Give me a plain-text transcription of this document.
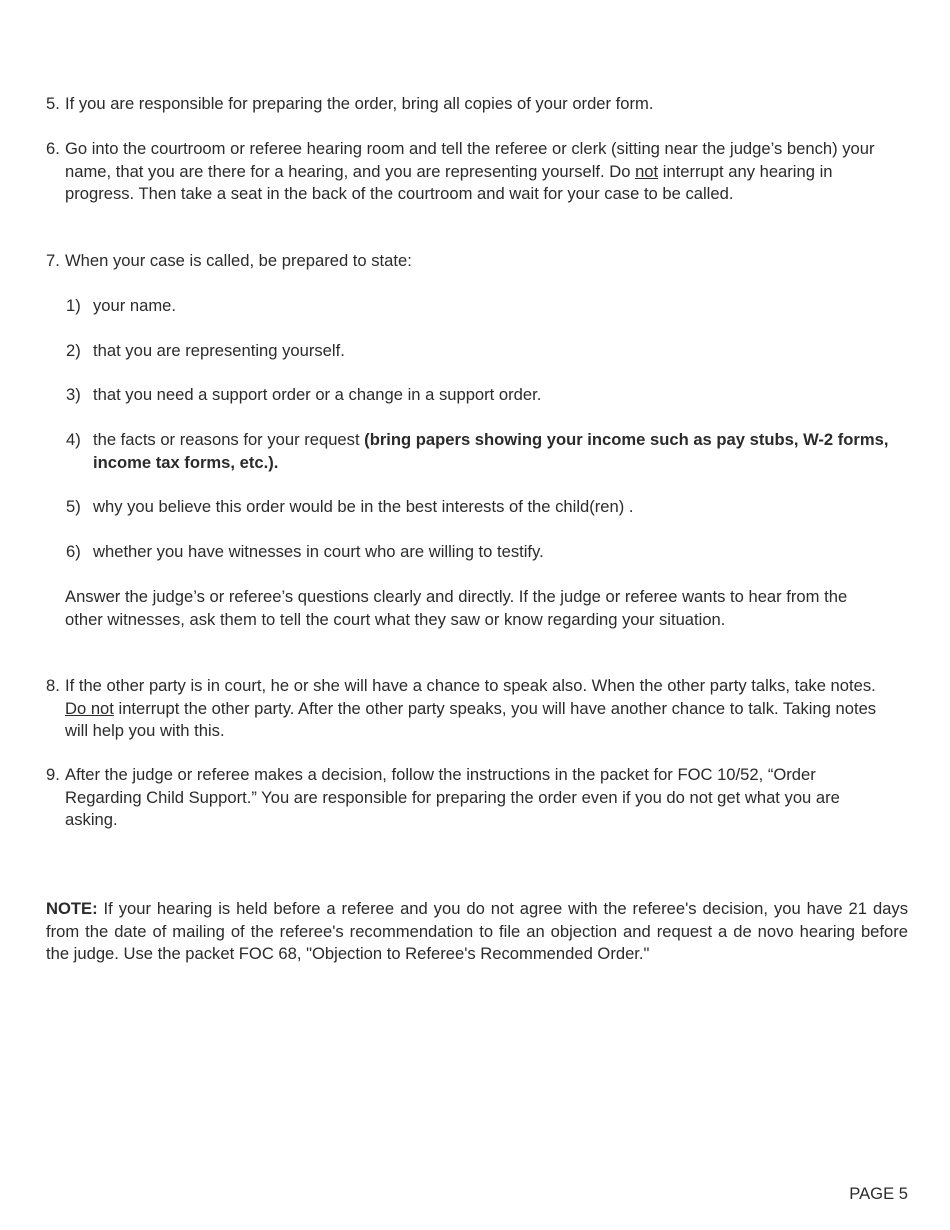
5. If you are responsible for preparing the order, bring all copies of your order form.
6. Go into the courtroom or referee hearing room and tell the referee or clerk (sitting near the judge’s bench) your name, that you are there for a hearing, and you are representing yourself. Do not interrupt any hearing in progress. Then take a seat in the back of the courtroom and wait for your case to be called.
7. When your case is called, be prepared to state:
1) your name.
2) that you are representing yourself.
3) that you need a support order or a change in a support order.
4) the facts or reasons for your request (bring papers showing your income such as pay stubs, W-2 forms, income tax forms, etc.).
5) why you believe this order would be in the best interests of the child(ren) .
6) whether you have witnesses in court who are willing to testify.
Answer the judge’s or referee’s questions clearly and directly. If the judge or referee wants to hear from the other witnesses, ask them to tell the court what they saw or know regarding your situation.
8. If the other party is in court, he or she will have a chance to speak also. When the other party talks, take notes. Do not interrupt the other party. After the other party speaks, you will have another chance to talk. Taking notes will help you with this.
9. After the judge or referee makes a decision, follow the instructions in the packet for FOC 10/52, “Order Regarding Child Support.” You are responsible for preparing the order even if you do not get what you are asking.
NOTE: If your hearing is held before a referee and you do not agree with the referee's decision, you have 21 days from the date of mailing of the referee's recommendation to file an objection and request a de novo hearing before the judge. Use the packet FOC 68, "Objection to Referee's Recommended Order."
PAGE 5
